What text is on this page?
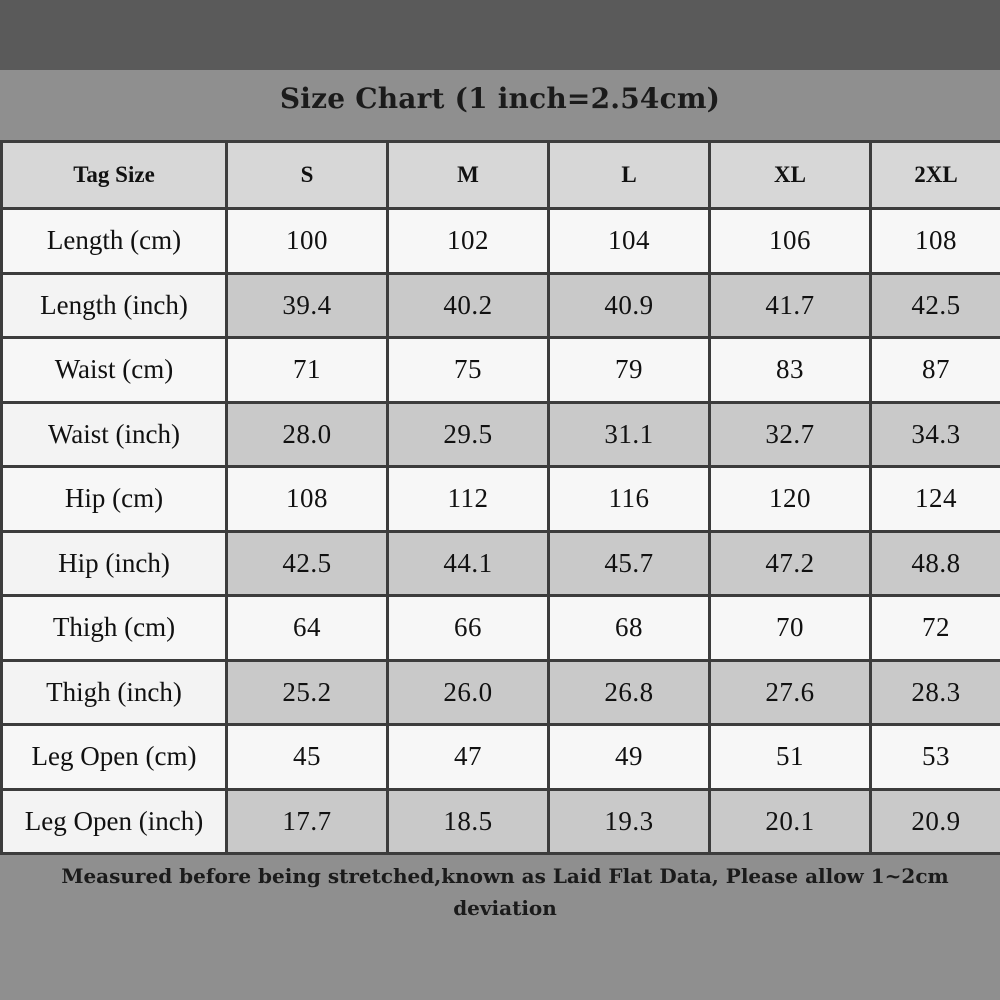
Size Chart (1 inch=2.54cm)
Tag Size	S	M	L	XL	2XL
Length (cm)	100	102	104	106	108
Length (inch)	39.4	40.2	40.9	41.7	42.5
Waist (cm)	71	75	79	83	87
Waist (inch)	28.0	29.5	31.1	32.7	34.3
Hip (cm)	108	112	116	120	124
Hip (inch)	42.5	44.1	45.7	47.2	48.8
Thigh (cm)	64	66	68	70	72
Thigh (inch)	25.2	26.0	26.8	27.6	28.3
Leg Open (cm)	45	47	49	51	53
Leg Open (inch)	17.7	18.5	19.3	20.1	20.9
Measured before being stretched,known as Laid Flat Data, Please allow 1~2cm deviation
